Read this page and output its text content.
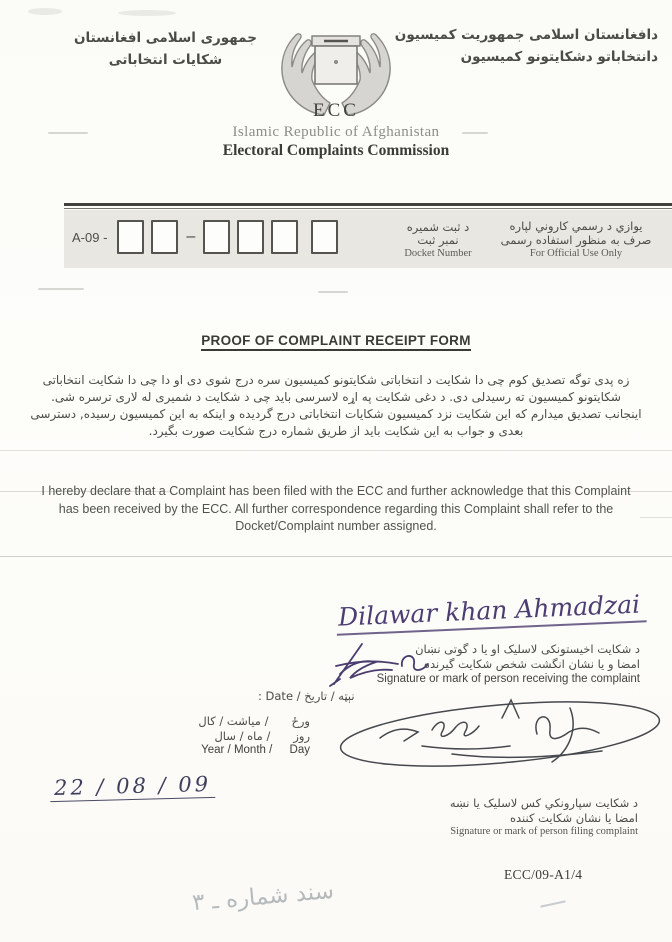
دافغانستان اسلامی جمهوریت کمیسیون
دانتخاباتو دشکایتونو کمیسیون
جمهوری اسلامی افغانستان
شکایات انتخاباتی
ECC
Islamic Republic of Afghanistan
Electoral Complaints Commission
A-09 -	–
د ثبت شمیره
نمبر ثبت
Docket Number
یوازي د رسمي کاروني لپاره
صرف به منظور استفاده رسمی
For Official Use Only
PROOF OF COMPLAINT RECEIPT FORM
زه پدی توگه تصدیق کوم چی دا شکایت د انتخاباتی شکایتونو کمیسیون سره درج شوی دی او دا چی دا شکایت انتخاباتی شکایتونو کمیسیون ته رسیدلی دی. د دغی شکایت په اړه لاسرسی باید چی د شکایت د شمیری له لاری ترسره شی.
اینجانب تصدیق میدارم که این شکایت نزد کمیسیون شکایات انتخاباتی درج گردیده و اینکه به این کمیسیون رسیده, دسترسی بعدی و جواب به این شکایت باید از طریق شماره درج شکایت صورت بگیرد.
I hereby declare that a Complaint has been filed with the ECC and further acknowledge that this Complaint has been received by the ECC. All further correspondence regarding this Complaint shall refer to the Docket/Complaint number assigned.
Dilawar khan Ahmadzai
د شکایت اخیستونکی لاسلیک او یا د گوتی نښان
امضا و یا نشان انگشت شخص شکایت گیرنده
Signature or mark of person receiving the complaint
نېټه / تاریخ / Date :
ورځ  / میاشت / کال
روز  / ماه / سال
Year / Month /  Day
22 / 08 / 09
د شکایت سپارونکي کس لاسلیک یا نښه
امضا یا نشان شکایت کننده
Signature or mark of person filing complaint
ECC/09-A1/4
سند شماره ـ ۳
